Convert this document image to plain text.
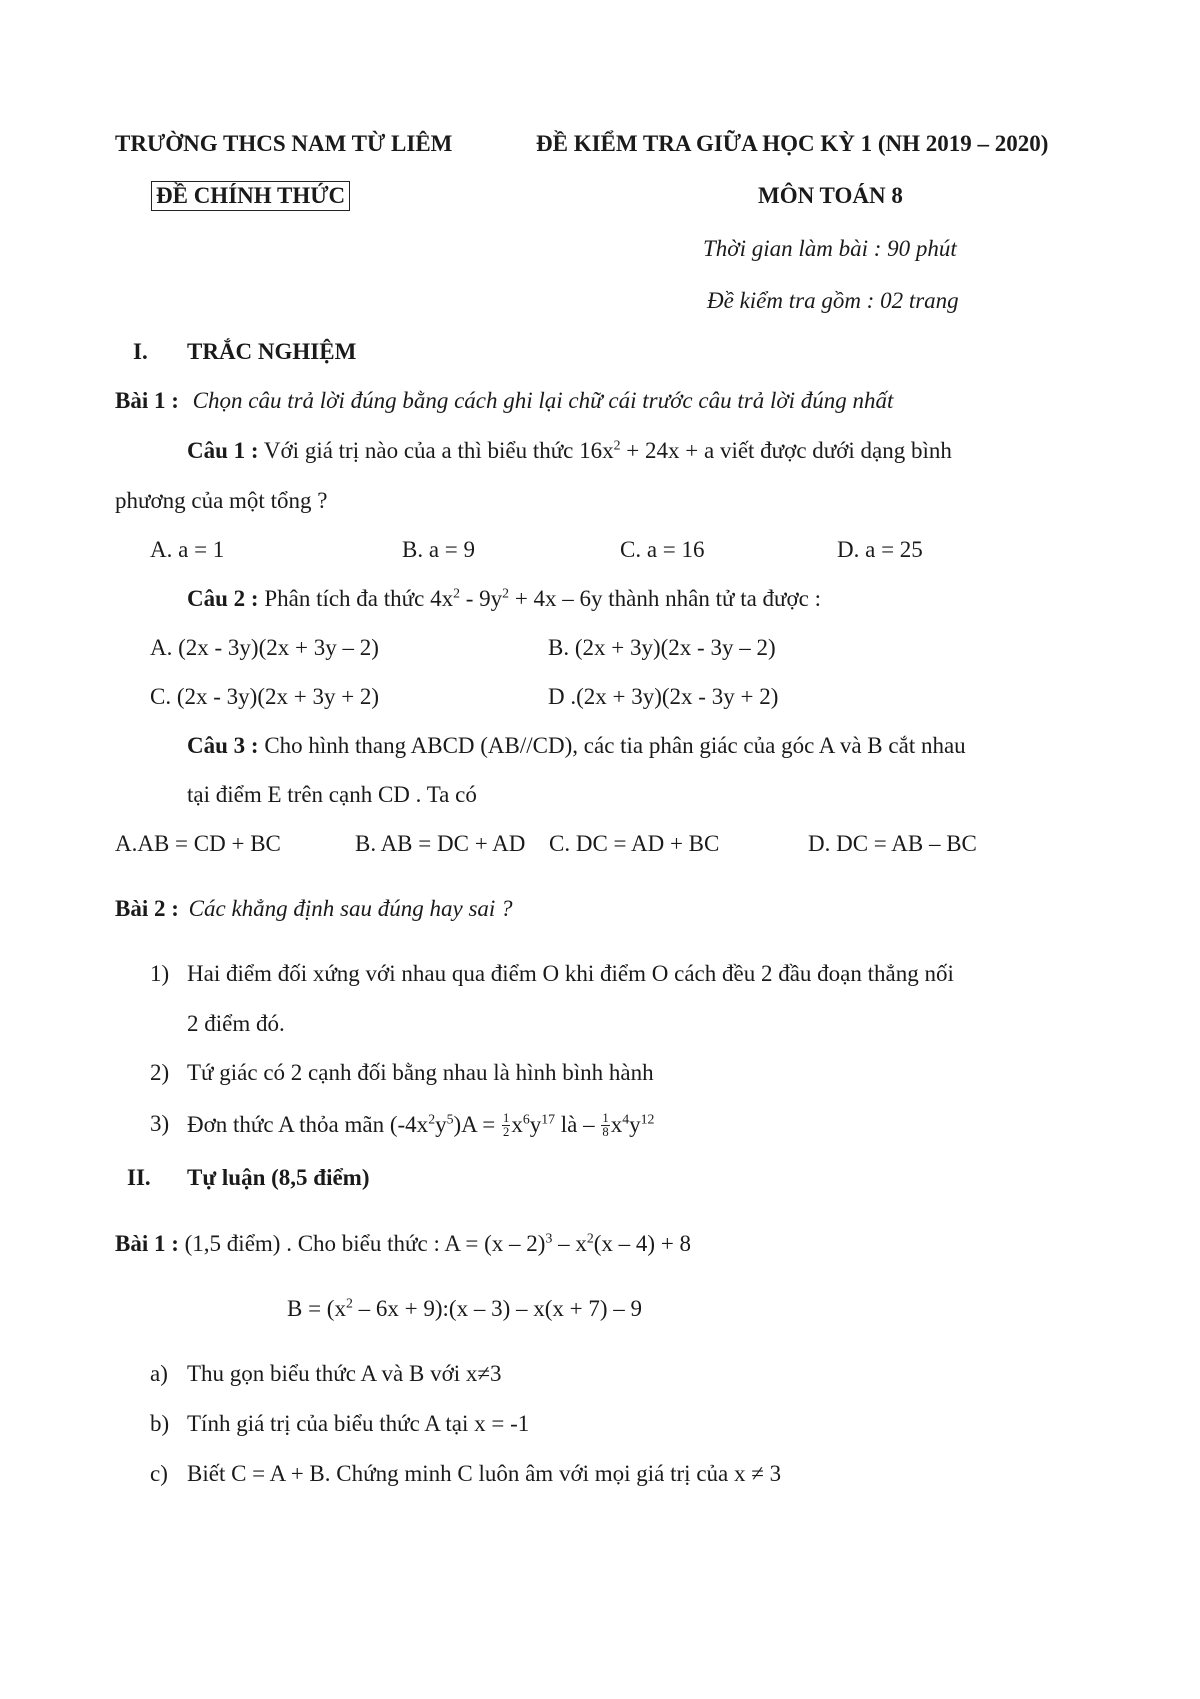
TRƯỜNG THCS NAM TỪ LIÊM	ĐỀ KIỂM TRA GIỮA HỌC KỲ 1 (NH 2019 – 2020)
ĐỀ CHÍNH THỨC	MÔN TOÁN 8
Thời gian làm bài : 90 phút
Đề kiểm tra gồm : 02 trang
I. TRẮC NGHIỆM
Bài 1 : Chọn câu trả lời đúng bằng cách ghi lại chữ cái trước câu trả lời đúng nhất
Câu 1 : Với giá trị nào của a thì biểu thức $16x^2 + 24x + a$ viết được dưới dạng bình
phương của một tổng ?
A. a = 1	B. a = 9	C. a = 16	D. a = 25
Câu 2 : Phân tích đa thức $4x^2 - 9y^2 + 4x - 6y$ thành nhân tử ta được :
A. (2x - 3y)(2x + 3y – 2)	B. (2x + 3y)(2x - 3y – 2)
C. (2x - 3y)(2x + 3y + 2)	D .(2x + 3y)(2x - 3y + 2)
Câu 3 : Cho hình thang ABCD (AB//CD), các tia phân giác của góc A và B cắt nhau
tại điểm E trên cạnh CD . Ta có
A.AB = CD + BC	B. AB = DC + AD C. DC = AD + BC	D. DC = AB – BC
Bài 2 : Các khẳng định sau đúng hay sai ?
1) Hai điểm đối xứng với nhau qua điểm O khi điểm O cách đều 2 đầu đoạn thẳng nối
2 điểm đó.
2) Tứ giác có 2 cạnh đối bằng nhau là hình bình hành
3) Đơn thức A thỏa mãn $(-4x^2y^5)A = \frac{1}{2} x^6y^{17}$ là – $\frac{1}{8} x^4y^{12}$
II. Tự luận (8,5 điểm)
Bài 1 : (1,5 điểm) . Cho biểu thức : $A = (x - 2)^3 - x^2(x - 4) + 8$
$B = (x^2 - 6x$ + 9):(x – 3) – x(x + 7) – 9
a) Thu gọn biểu thức A và B với x≠3
b) Tính giá trị của biểu thức A tại x = -1
c) Biết C = A + B. Chứng minh C luôn âm với mọi giá trị của x ≠ 3
